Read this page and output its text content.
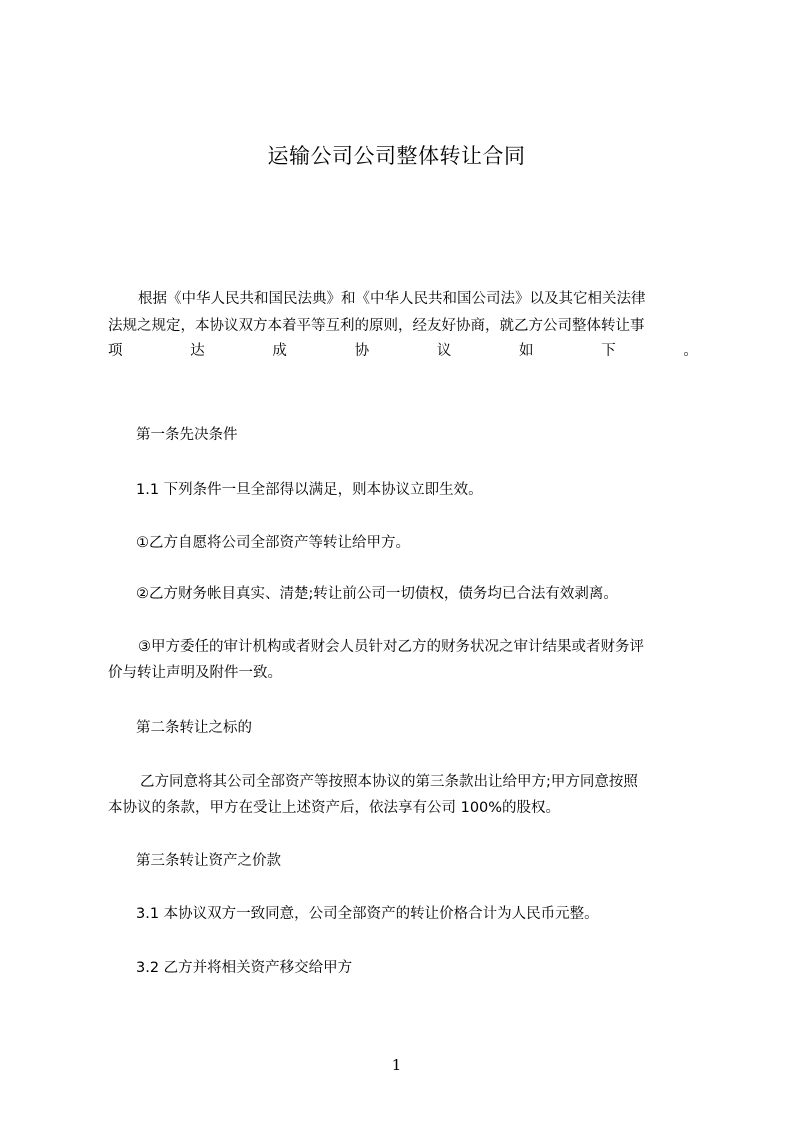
运输公司公司整体转让合同
根据《中华人民共和国民法典》和《中华人民共和国公司法》以及其它相关法律
法规之规定，本协议双方本着平等互利的原则，经友好协商，就乙方公司整体转让事
项	达	成	协	议	如	下	。
第一条先决条件
1.1 下列条件一旦全部得以满足，则本协议立即生效。
①乙方自愿将公司全部资产等转让给甲方。
②乙方财务帐目真实、清楚;转让前公司一切债权，债务均已合法有效剥离。
③甲方委任的审计机构或者财会人员针对乙方的财务状况之审计结果或者财务评
价与转让声明及附件一致。
第二条转让之标的
乙方同意将其公司全部资产等按照本协议的第三条款出让给甲方;甲方同意按照
本协议的条款，甲方在受让上述资产后，依法享有公司 100%的股权。
第三条转让资产之价款
3.1 本协议双方一致同意，公司全部资产的转让价格合计为人民币元整。
3.2 乙方并将相关资产移交给甲方
1
